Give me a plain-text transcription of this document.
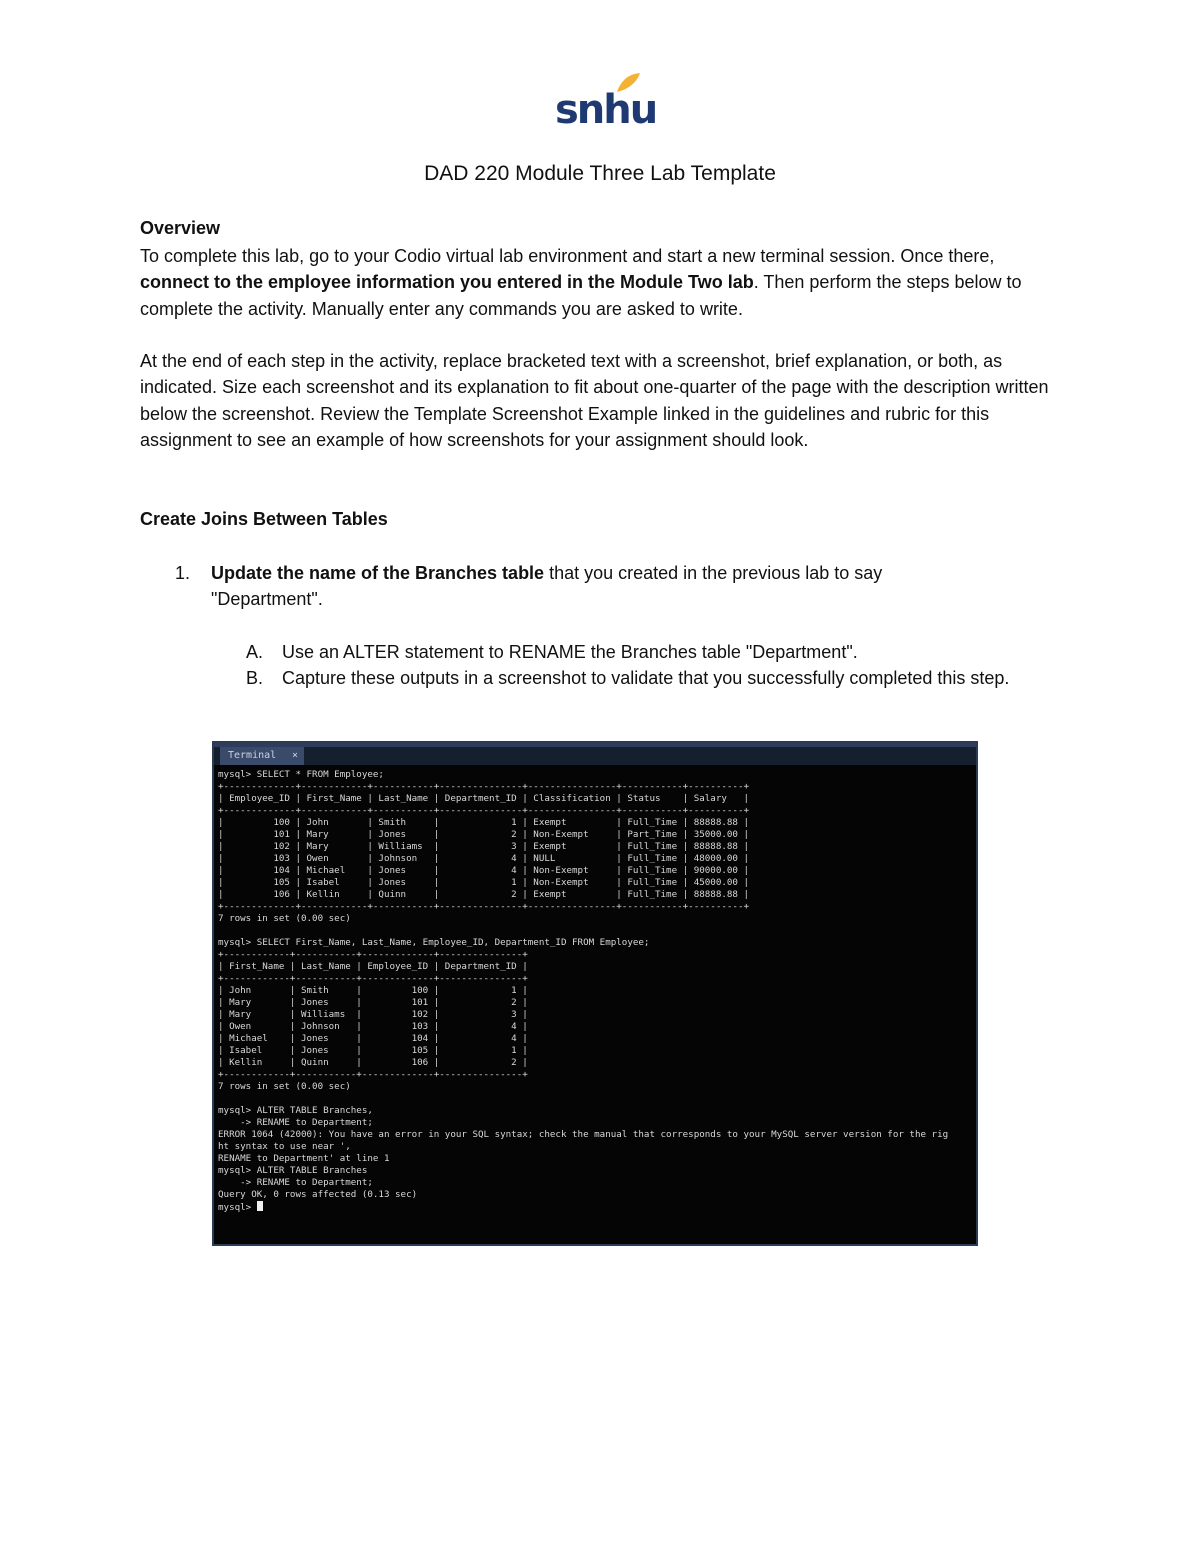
snhu
DAD 220 Module Three Lab Template
Overview

To complete this lab, go to your Codio virtual lab environment and start a new terminal session. Once there, connect to the employee information you entered in the Module Two lab. Then perform the steps below to complete the activity. Manually enter any commands you are asked to write.

At the end of each step in the activity, replace bracketed text with a screenshot, brief explanation, or both, as indicated. Size each screenshot and its explanation to fit about one-quarter of the page with the description written below the screenshot. Review the Template Screenshot Example linked in the guidelines and rubric for this assignment to see an example of how screenshots for your assignment should look.

Create Joins Between Tables
1. Update the name of the Branches table that you created in the previous lab to say "Department".
A. Use an ALTER statement to RENAME the Branches table "Department".
B. Capture these outputs in a screenshot to validate that you successfully completed this step.
Terminal ×
mysql> SELECT * FROM Employee;
+-------------+------------+-----------+---------------+----------------+-----------+----------+
| Employee_ID | First_Name | Last_Name | Department_ID | Classification | Status    | Salary   |
+-------------+------------+-----------+---------------+----------------+-----------+----------+
|         100 | John       | Smith     |             1 | Exempt         | Full_Time | 88888.88 |
|         101 | Mary       | Jones     |             2 | Non-Exempt     | Part_Time | 35000.00 |
|         102 | Mary       | Williams  |             3 | Exempt         | Full_Time | 88888.88 |
|         103 | Owen       | Johnson   |             4 | NULL           | Full_Time | 48000.00 |
|         104 | Michael    | Jones     |             4 | Non-Exempt     | Full_Time | 90000.00 |
|         105 | Isabel     | Jones     |             1 | Non-Exempt     | Full_Time | 45000.00 |
|         106 | Kellin     | Quinn     |             2 | Exempt         | Full_Time | 88888.88 |
+-------------+------------+-----------+---------------+----------------+-----------+----------+
7 rows in set (0.00 sec)

mysql> SELECT First_Name, Last_Name, Employee_ID, Department_ID FROM Employee;
+------------+-----------+-------------+---------------+
| First_Name | Last_Name | Employee_ID | Department_ID |
+------------+-----------+-------------+---------------+
| John       | Smith     |         100 |             1 |
| Mary       | Jones     |         101 |             2 |
| Mary       | Williams  |         102 |             3 |
| Owen       | Johnson   |         103 |             4 |
| Michael    | Jones     |         104 |             4 |
| Isabel     | Jones     |         105 |             1 |
| Kellin     | Quinn     |         106 |             2 |
+------------+-----------+-------------+---------------+
7 rows in set (0.00 sec)

mysql> ALTER TABLE Branches,
-> RENAME to Department;
ERROR 1064 (42000): You have an error in your SQL syntax; check the manual that corresponds to your MySQL server version for the rig
ht syntax to use near ',
RENAME to Department' at line 1
mysql> ALTER TABLE Branches
-> RENAME to Department;
Query OK, 0 rows affected (0.13 sec)
mysql>
